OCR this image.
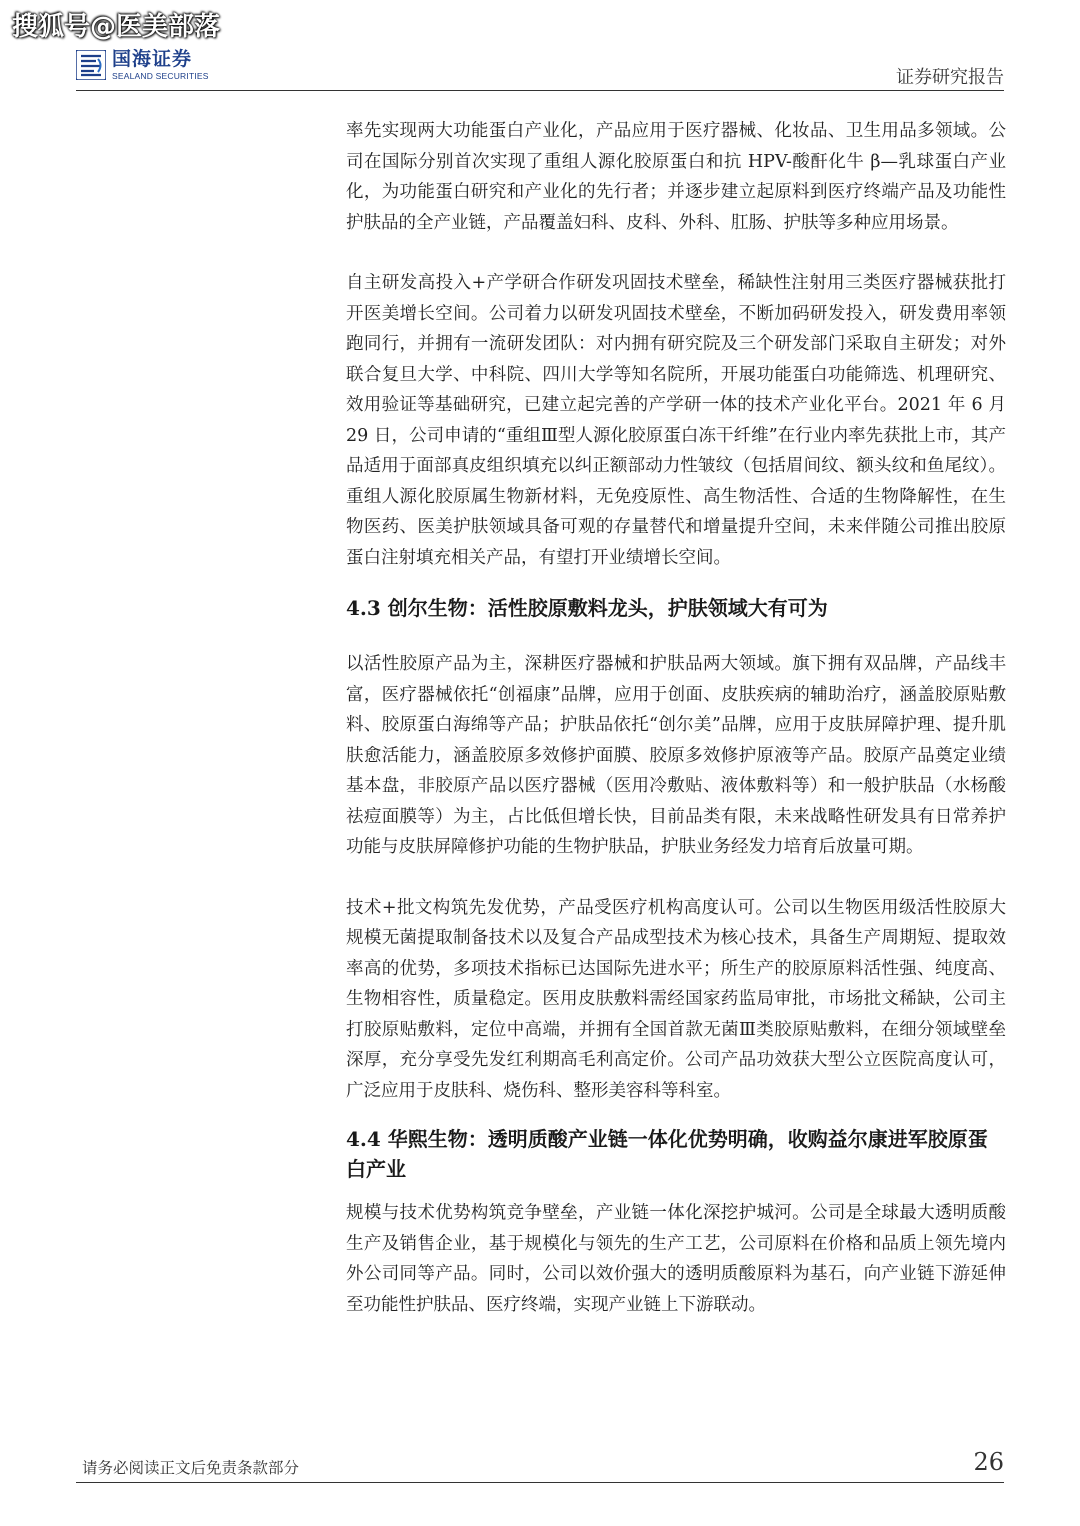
搜狐号@医美部落
国海证券
SEALAND SECURITIES	证券研究报告

率先实现两大功能蛋白产业化，产品应用于医疗器械、化妆品、卫生用品多领域。公司在国际分别首次实现了重组人源化胶原蛋白和抗 HPV-酸酐化牛 β—乳球蛋白产业化，为功能蛋白研究和产业化的先行者；并逐步建立起原料到医疗终端产品及功能性护肤品的全产业链，产品覆盖妇科、皮科、外科、肛肠、护肤等多种应用场景。

自主研发高投入+产学研合作研发巩固技术壁垒，稀缺性注射用三类医疗器械获批打开医美增长空间。公司着力以研发巩固技术壁垒，不断加码研发投入，研发费用率领跑同行，并拥有一流研发团队：对内拥有研究院及三个研发部门采取自主研发；对外联合复旦大学、中科院、四川大学等知名院所，开展功能蛋白功能筛选、机理研究、效用验证等基础研究，已建立起完善的产学研一体的技术产业化平台。2021 年 6 月 29 日，公司申请的“重组Ⅲ型人源化胶原蛋白冻干纤维”在行业内率先获批上市，其产品适用于面部真皮组织填充以纠正额部动力性皱纹（包括眉间纹、额头纹和鱼尾纹）。重组人源化胶原属生物新材料，无免疫原性、高生物活性、合适的生物降解性，在生物医药、医美护肤领域具备可观的存量替代和增量提升空间，未来伴随公司推出胶原蛋白注射填充相关产品，有望打开业绩增长空间。

4.3 创尔生物：活性胶原敷料龙头，护肤领域大有可为

以活性胶原产品为主，深耕医疗器械和护肤品两大领域。旗下拥有双品牌，产品线丰富，医疗器械依托“创福康”品牌，应用于创面、皮肤疾病的辅助治疗，涵盖胶原贴敷料、胶原蛋白海绵等产品；护肤品依托“创尔美”品牌，应用于皮肤屏障护理、提升肌肤愈活能力，涵盖胶原多效修护面膜、胶原多效修护原液等产品。胶原产品奠定业绩基本盘，非胶原产品以医疗器械（医用冷敷贴、液体敷料等）和一般护肤品（水杨酸祛痘面膜等）为主，占比低但增长快，目前品类有限，未来战略性研发具有日常养护功能与皮肤屏障修护功能的生物护肤品，护肤业务经发力培育后放量可期。

技术+批文构筑先发优势，产品受医疗机构高度认可。公司以生物医用级活性胶原大规模无菌提取制备技术以及复合产品成型技术为核心技术，具备生产周期短、提取效率高的优势，多项技术指标已达国际先进水平；所生产的胶原原料活性强、纯度高、生物相容性，质量稳定。医用皮肤敷料需经国家药监局审批，市场批文稀缺，公司主打胶原贴敷料，定位中高端，并拥有全国首款无菌Ⅲ类胶原贴敷料，在细分领域壁垒深厚，充分享受先发红利期高毛利高定价。公司产品功效获大型公立医院高度认可，广泛应用于皮肤科、烧伤科、整形美容科等科室。

4.4 华熙生物：透明质酸产业链一体化优势明确，收购益尔康进军胶原蛋白产业

规模与技术优势构筑竞争壁垒，产业链一体化深挖护城河。公司是全球最大透明质酸生产及销售企业，基于规模化与领先的生产工艺，公司原料在价格和品质上领先境内外公司同等产品。同时，公司以效价强大的透明质酸原料为基石，向产业链下游延伸至功能性护肤品、医疗终端，实现产业链上下游联动。

请务必阅读正文后免责条款部分	26
